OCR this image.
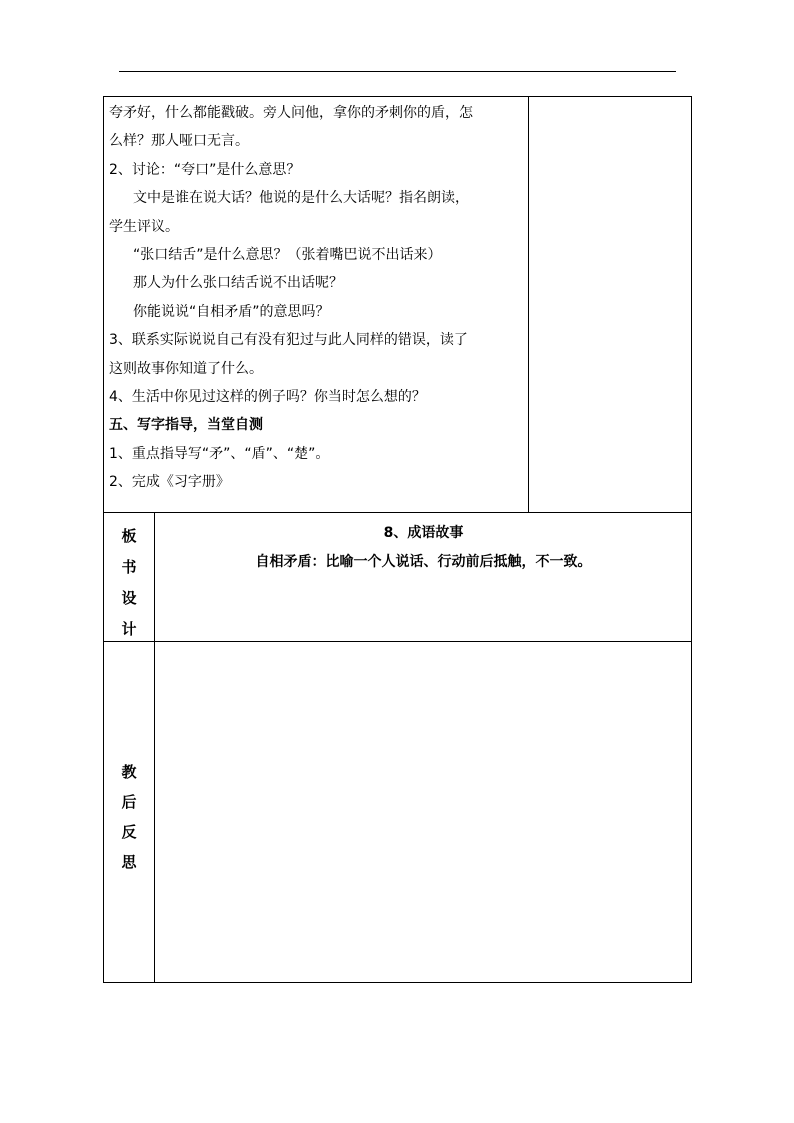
夸矛好，什么都能戳破。旁人问他，拿你的矛刺你的盾，怎
么样？那人哑口无言。
2、讨论：“夸口”是什么意思？
文中是谁在说大话？他说的是什么大话呢？指名朗读，
学生评议。
“张口结舌”是什么意思？（张着嘴巴说不出话来）
那人为什么张口结舌说不出话呢？
你能说说“自相矛盾”的意思吗？
3、联系实际说说自己有没有犯过与此人同样的错误，读了
这则故事你知道了什么。
4、生活中你见过这样的例子吗？你当时怎么想的？
五、写字指导，当堂自测
1、重点指导写“矛”、“盾”、“楚”。
2、完成《习字册》
板
书
设
计
8、成语故事
自相矛盾：比喻一个人说话、行动前后抵触，不一致。
教
后
反
思
